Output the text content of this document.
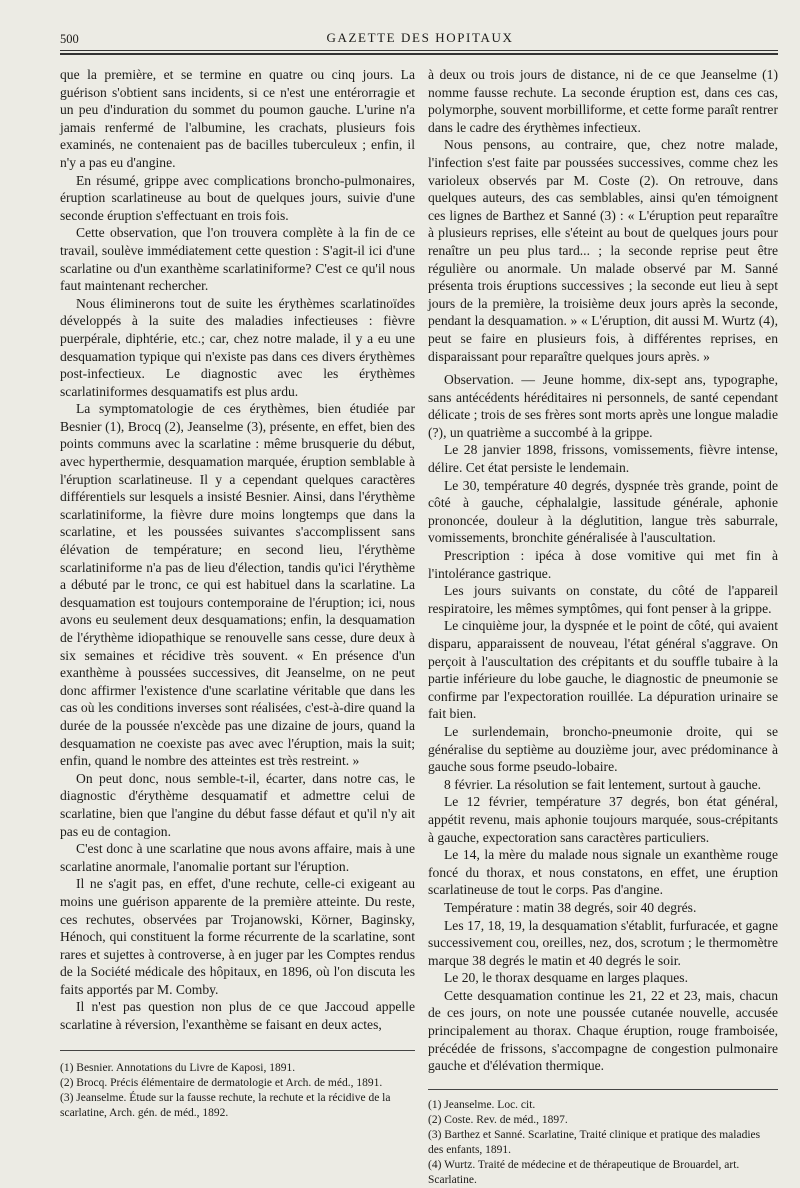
500	GAZETTE DES HOPITAUX

que la première, et se termine en quatre ou cinq jours. La guérison s'obtient sans incidents, si ce n'est une entérorragie et un peu d'induration du sommet du poumon gauche. L'urine n'a jamais renfermé de l'albumine, les crachats, plusieurs fois examinés, ne contenaient pas de bacilles tuberculeux ; enfin, il n'y a pas eu d'angine.

En résumé, grippe avec complications broncho-pulmonaires, éruption scarlatineuse au bout de quelques jours, suivie d'une seconde éruption s'effectuant en trois fois.

Cette observation, que l'on trouvera complète à la fin de ce travail, soulève immédiatement cette question : S'agit-il ici d'une scarlatine ou d'un exanthème scarlatiniforme? C'est ce qu'il nous faut maintenant rechercher.

Nous éliminerons tout de suite les érythèmes scarlatinoïdes développés à la suite des maladies infectieuses : fièvre puerpérale, diphtérie, etc.; car, chez notre malade, il y a eu une desquamation typique qui n'existe pas dans ces divers érythèmes post-infectieux. Le diagnostic avec les érythèmes scarlatiniformes desquamatifs est plus ardu.

La symptomatologie de ces érythèmes, bien étudiée par Besnier (1), Brocq (2), Jeanselme (3), présente, en effet, bien des points communs avec la scarlatine : même brusquerie du début, avec hyperthermie, desquamation marquée, éruption semblable à l'éruption scarlatineuse. Il y a cependant quelques caractères différentiels sur lesquels a insisté Besnier. Ainsi, dans l'érythème scarlatiniforme, la fièvre dure moins longtemps que dans la scarlatine, et les poussées suivantes s'accomplissent sans élévation de température; en second lieu, l'érythème scarlatiniforme n'a pas de lieu d'élection, tandis qu'ici l'érythème a débuté par le tronc, ce qui est habituel dans la scarlatine. La desquamation est toujours contemporaine de l'éruption; ici, nous avons eu seulement deux desquamations; enfin, la desquamation de l'érythème idiopathique se renouvelle sans cesse, dure deux à six semaines et récidive très souvent. « En présence d'un exanthème à poussées successives, dit Jeanselme, on ne peut donc affirmer l'existence d'une scarlatine véritable que dans les cas où les conditions inverses sont réalisées, c'est-à-dire quand la durée de la poussée n'excède pas une dizaine de jours, quand la desquamation ne coexiste pas avec avec l'éruption, mais la suit; enfin, quand le nombre des atteintes est très restreint. »

On peut donc, nous semble-t-il, écarter, dans notre cas, le diagnostic d'érythème desquamatif et admettre celui de scarlatine, bien que l'angine du début fasse défaut et qu'il n'y ait pas eu de contagion.

C'est donc à une scarlatine que nous avons affaire, mais à une scarlatine anormale, l'anomalie portant sur l'éruption.

Il ne s'agit pas, en effet, d'une rechute, celle-ci exigeant au moins une guérison apparente de la première atteinte. Du reste, ces rechutes, observées par Trojanowski, Körner, Baginsky, Hénoch, qui constituent la forme récurrente de la scarlatine, sont rares et sujettes à controverse, à en juger par les Comptes rendus de la Société médicale des hôpitaux, en 1896, où l'on discuta les faits apportés par M. Comby.

Il n'est pas question non plus de ce que Jaccoud appelle scarlatine à réversion, l'exanthème se faisant en deux actes,

(1) Besnier. Annotations du Livre de Kaposi, 1891.

(2) Brocq. Précis élémentaire de dermatologie et Arch. de méd., 1891.

(3) Jeanselme. Étude sur la fausse rechute, la rechute et la récidive de la scarlatine, Arch. gén. de méd., 1892.

à deux ou trois jours de distance, ni de ce que Jeanselme (1) nomme fausse rechute. La seconde éruption est, dans ces cas, polymorphe, souvent morbilliforme, et cette forme paraît rentrer dans le cadre des érythèmes infectieux.

Nous pensons, au contraire, que, chez notre malade, l'infection s'est faite par poussées successives, comme chez les varioleux observés par M. Coste (2). On retrouve, dans quelques auteurs, des cas semblables, ainsi qu'en témoignent ces lignes de Barthez et Sanné (3) : « L'éruption peut reparaître à plusieurs reprises, elle s'éteint au bout de quelques jours pour renaître un peu plus tard... ; la seconde reprise peut être régulière ou anormale. Un malade observé par M. Sanné présenta trois éruptions successives ; la seconde eut lieu à sept jours de la première, la troisième deux jours après la seconde, pendant la desquamation. » « L'éruption, dit aussi M. Wurtz (4), peut se faire en plusieurs fois, à différentes reprises, en disparaissant pour reparaître quelques jours après. »

Observation. — Jeune homme, dix-sept ans, typographe, sans antécédents héréditaires ni personnels, de santé cependant délicate ; trois de ses frères sont morts après une longue maladie (?), un quatrième a succombé à la grippe.

Le 28 janvier 1898, frissons, vomissements, fièvre intense, délire. Cet état persiste le lendemain.

Le 30, température 40 degrés, dyspnée très grande, point de côté à gauche, céphalalgie, lassitude générale, aphonie prononcée, douleur à la déglutition, langue très saburrale, vomissements, bronchite généralisée à l'auscultation.

Prescription : ipéca à dose vomitive qui met fin à l'intolérance gastrique.

Les jours suivants on constate, du côté de l'appareil respiratoire, les mêmes symptômes, qui font penser à la grippe.

Le cinquième jour, la dyspnée et le point de côté, qui avaient disparu, apparaissent de nouveau, l'état général s'aggrave. On perçoit à l'auscultation des crépitants et du souffle tubaire à la partie inférieure du lobe gauche, le diagnostic de pneumonie se confirme par l'expectoration rouillée. La dépuration urinaire se fait bien.

Le surlendemain, broncho-pneumonie droite, qui se généralise du septième au douzième jour, avec prédominance à gauche sous forme pseudo-lobaire.

8 février. La résolution se fait lentement, surtout à gauche.

Le 12 février, température 37 degrés, bon état général, appétit revenu, mais aphonie toujours marquée, sous-crépitants à gauche, expectoration sans caractères particuliers.

Le 14, la mère du malade nous signale un exanthème rouge foncé du thorax, et nous constatons, en effet, une éruption scarlatineuse de tout le corps. Pas d'angine.

Température : matin 38 degrés, soir 40 degrés.

Les 17, 18, 19, la desquamation s'établit, furfuracée, et gagne successivement cou, oreilles, nez, dos, scrotum ; le thermomètre marque 38 degrés le matin et 40 degrés le soir.

Le 20, le thorax desquame en larges plaques.

Cette desquamation continue les 21, 22 et 23, mais, chacun de ces jours, on note une poussée cutanée nouvelle, accusée principalement au thorax. Chaque éruption, rouge framboisée, précédée de frissons, s'accompagne de congestion pulmonaire gauche et d'élévation thermique.

(1) Jeanselme. Loc. cit.

(2) Coste. Rev. de méd., 1897.

(3) Barthez et Sanné. Scarlatine, Traité clinique et pratique des maladies des enfants, 1891.

(4) Wurtz. Traité de médecine et de thérapeutique de Brouardel, art. Scarlatine.
